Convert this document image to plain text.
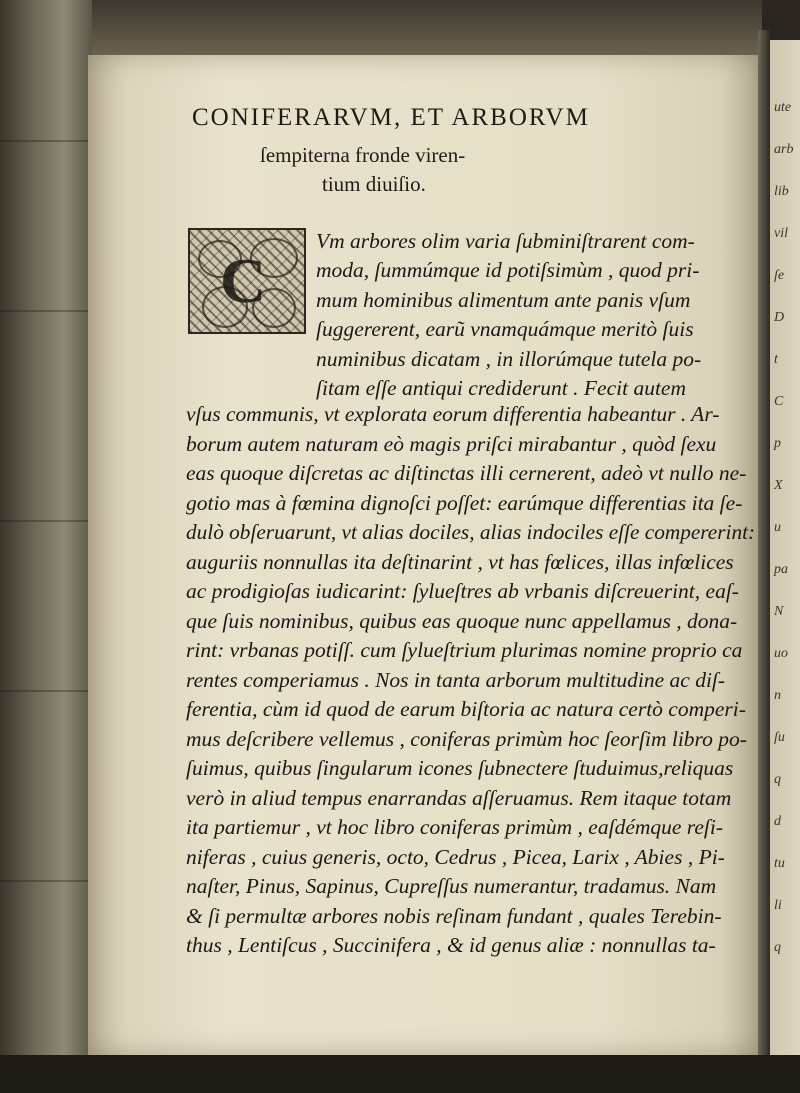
ute
arb
lib
vil
ſe
D
t
C
p
X
u
pa
N
uo
n
ſu
q
d
tu
li
q
CONIFERARVM, ET ARBORVM
ſempiterna fronde viren-
tium diuiſio.
C
Vm arbores olim varia ſubminiſtrarent com-
moda, ſummúmque id potiſsimùm , quod pri-
mum hominibus alimentum ante panis vſum
ſuggererent, earũ vnamquámque meritò ſuis
numinibus dicatam , in illorúmque tutela po-
ſitam eſſe antiqui crediderunt . Fecit autem
vſus communis, vt explorata eorum differentia habeantur . Ar-
borum autem naturam eò magis priſci mirabantur , quòd ſexu
eas quoque diſcretas ac diſtinctas illi cernerent, adeò vt nullo ne-
gotio mas à fœmina dignoſci poſſet: earúmque differentias ita ſe-
dulò obſeruarunt, vt alias dociles, alias indociles eſſe compererint:
auguriis nonnullas ita deſtinarint , vt has fœlices, illas infœlices
ac prodigioſas iudicarint: ſylueſtres ab vrbanis diſcreuerint, eaſ-
que ſuis nominibus, quibus eas quoque nunc appellamus , dona-
rint: vrbanas potiſſ. cum ſylueſtrium plurimas nomine proprio ca
rentes comperiamus . Nos in tanta arborum multitudine ac diſ-
ferentia, cùm id quod de earum biſtoria ac natura certò comperi-
mus deſcribere vellemus , coniferas primùm hoc ſeorſim libro po-
ſuimus, quibus ſingularum icones ſubnectere ſtuduimus,reliquas
verò in aliud tempus enarrandas aſſeruamus. Rem itaque totam
ita partiemur , vt hoc libro coniferas primùm , eaſdémque reſi-
niferas , cuius generis, octo, Cedrus , Picea, Larix , Abies , Pi-
naſter, Pinus, Sapinus, Cupreſſus numerantur, tradamus. Nam
& ſi permultæ arbores nobis reſinam fundant , quales Terebin-
thus , Lentiſcus , Succinifera , & id genus aliæ : nonnullas ta-
